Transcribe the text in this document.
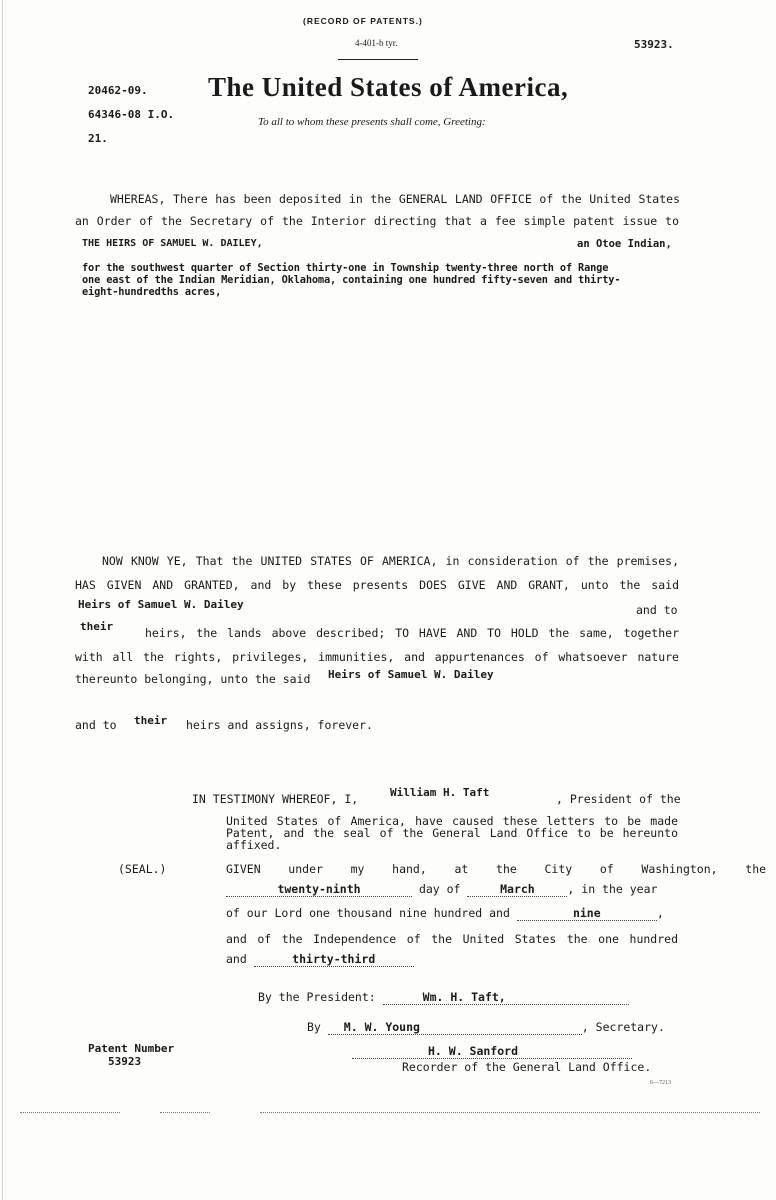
(RECORD OF PATENTS.)
4-401-b tyr.	53923.
20462-09.
64346-08 I.O.
21.
The United States of America,
To all to whom these presents shall come, Greeting:
WHEREAS, There has been deposited in the GENERAL LAND OFFICE of the United States
an Order of the Secretary of the Interior directing that a fee simple patent issue to
THE HEIRS OF SAMUEL W. DAILEY,	an Otoe Indian,
for the southwest quarter of Section thirty-one in Township twenty-three north of Range
one east of the Indian Meridian, Oklahoma, containing one hundred fifty-seven and thirty-
eight-hundredths acres,
NOW KNOW YE, That the UNITED STATES OF AMERICA, in consideration of the premises,
HAS GIVEN AND GRANTED, and by these presents DOES GIVE AND GRANT, unto the said
Heirs of Samuel W. Dailey	and to
their	heirs, the lands above described; TO HAVE AND TO HOLD the same, together
with all the rights, privileges, immunities, and appurtenances of whatsoever nature
thereunto belonging, unto the said Heirs of Samuel W. Dailey
and to their heirs and assigns, forever.
IN TESTIMONY WHEREOF, I,	William H. Taft	, President of the
United States of America, have caused these letters to be made
Patent, and the seal of the General Land Office to be hereunto
affixed.
(SEAL.)	GIVEN    under    my    hand,    at    the    City    of    Washington,    the
twenty-ninth	day of	March	, in the year
of our Lord one thousand nine hundred and	nine	,
and of the Independence of the United States the one hundred
and	thirty-third
By the President:	Wm. H. Taft,
By M. W. Young	, Secretary.
H. W. Sanford
Recorder of the General Land Office.
Patent Number
53923
6—7213
